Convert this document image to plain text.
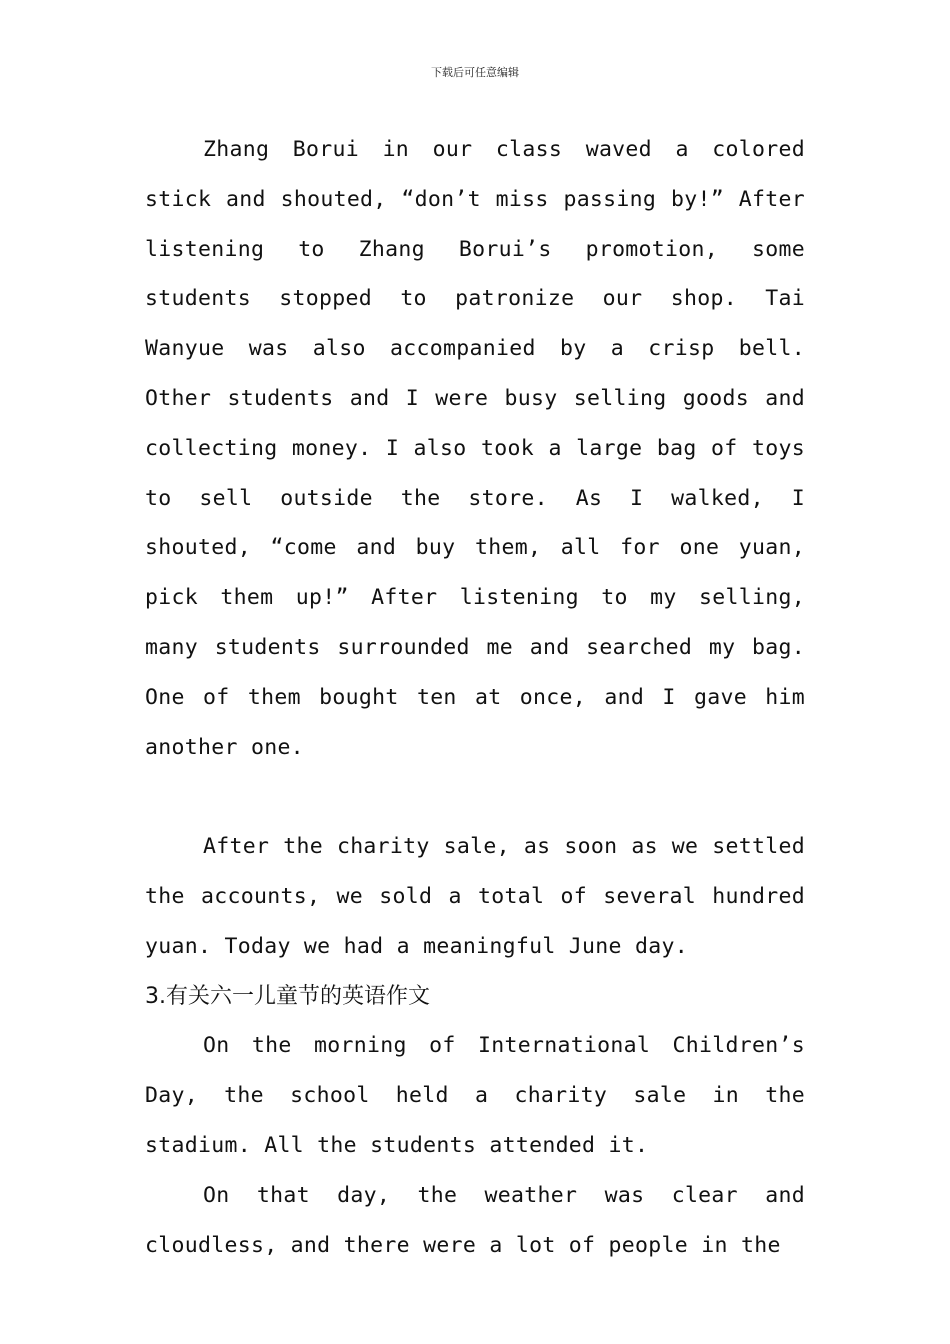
下载后可任意编辑

Zhang Borui in our class waved a colored stick and shouted, “don’t miss passing by!” After listening to Zhang Borui’s promotion, some students stopped to patronize our shop. Tai Wanyue was also accompanied by a crisp bell. Other students and I were busy selling goods and collecting money. I also took a large bag of toys to sell outside the store. As I walked, I shouted, “come and buy them, all for one yuan, pick them up!” After listening to my selling, many students surrounded me and searched my bag. One of them bought ten at once, and I gave him another one.

After the charity sale, as soon as we settled the accounts, we sold a total of several hundred yuan. Today we had a meaningful June day.

3.有关六一儿童节的英语作文

On the morning of International Children’s Day, the school held a charity sale in the stadium. All the students attended it.

On that day, the weather was clear and cloudless, and there were a lot of people in the
